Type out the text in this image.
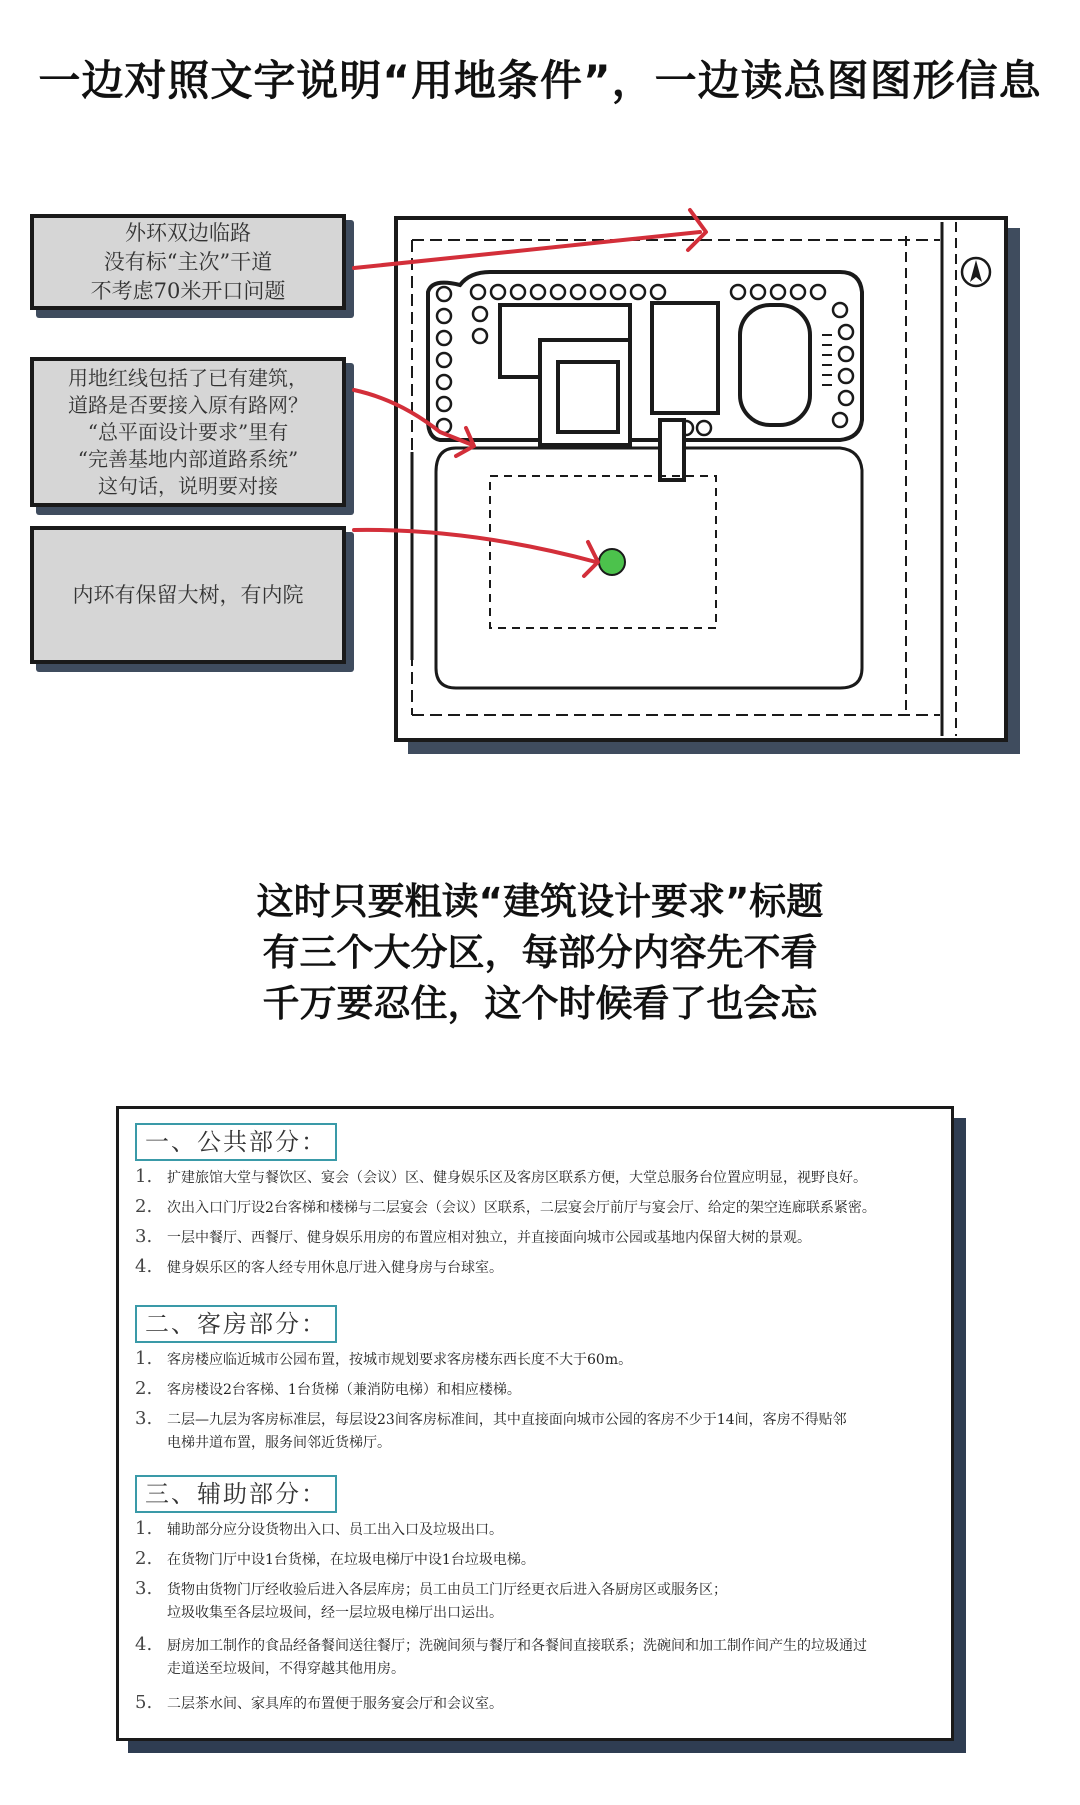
一边对照文字说明“用地条件”，一边读总图图形信息
外环双边临路
没有标“主次”干道
不考虑70米开口问题
用地红线包括了已有建筑，
道路是否要接入原有路网？
“总平面设计要求”里有
“完善基地内部道路系统”
这句话，说明要对接
内环有保留大树，有内院
这时只要粗读“建筑设计要求”标题
有三个大分区，每部分内容先不看
千万要忍住，这个时候看了也会忘
一、公共部分：
1. 扩建旅馆大堂与餐饮区、宴会（会议）区、健身娱乐区及客房区联系方便，大堂总服务台位置应明显，视野良好。
2. 次出入口门厅设2台客梯和楼梯与二层宴会（会议）区联系，二层宴会厅前厅与宴会厅、给定的架空连廊联系紧密。
3. 一层中餐厅、西餐厅、健身娱乐用房的布置应相对独立，并直接面向城市公园或基地内保留大树的景观。
4. 健身娱乐区的客人经专用休息厅进入健身房与台球室。
二、客房部分：
1. 客房楼应临近城市公园布置，按城市规划要求客房楼东西长度不大于60m。
2. 客房楼设2台客梯、1台货梯（兼消防电梯）和相应楼梯。
3. 二层—九层为客房标准层，每层设23间客房标准间，其中直接面向城市公园的客房不少于14间，客房不得贴邻
电梯井道布置，服务间邻近货梯厅。
三、辅助部分：
1. 辅助部分应分设货物出入口、员工出入口及垃圾出口。
2. 在货物门厅中设1台货梯，在垃圾电梯厅中设1台垃圾电梯。
3. 货物由货物门厅经收验后进入各层库房；员工由员工门厅经更衣后进入各厨房区或服务区；
垃圾收集至各层垃圾间，经一层垃圾电梯厅出口运出。
4. 厨房加工制作的食品经备餐间送往餐厅；洗碗间须与餐厅和各餐间直接联系；洗碗间和加工制作间产生的垃圾通过
走道送至垃圾间，不得穿越其他用房。
5. 二层茶水间、家具库的布置便于服务宴会厅和会议室。
